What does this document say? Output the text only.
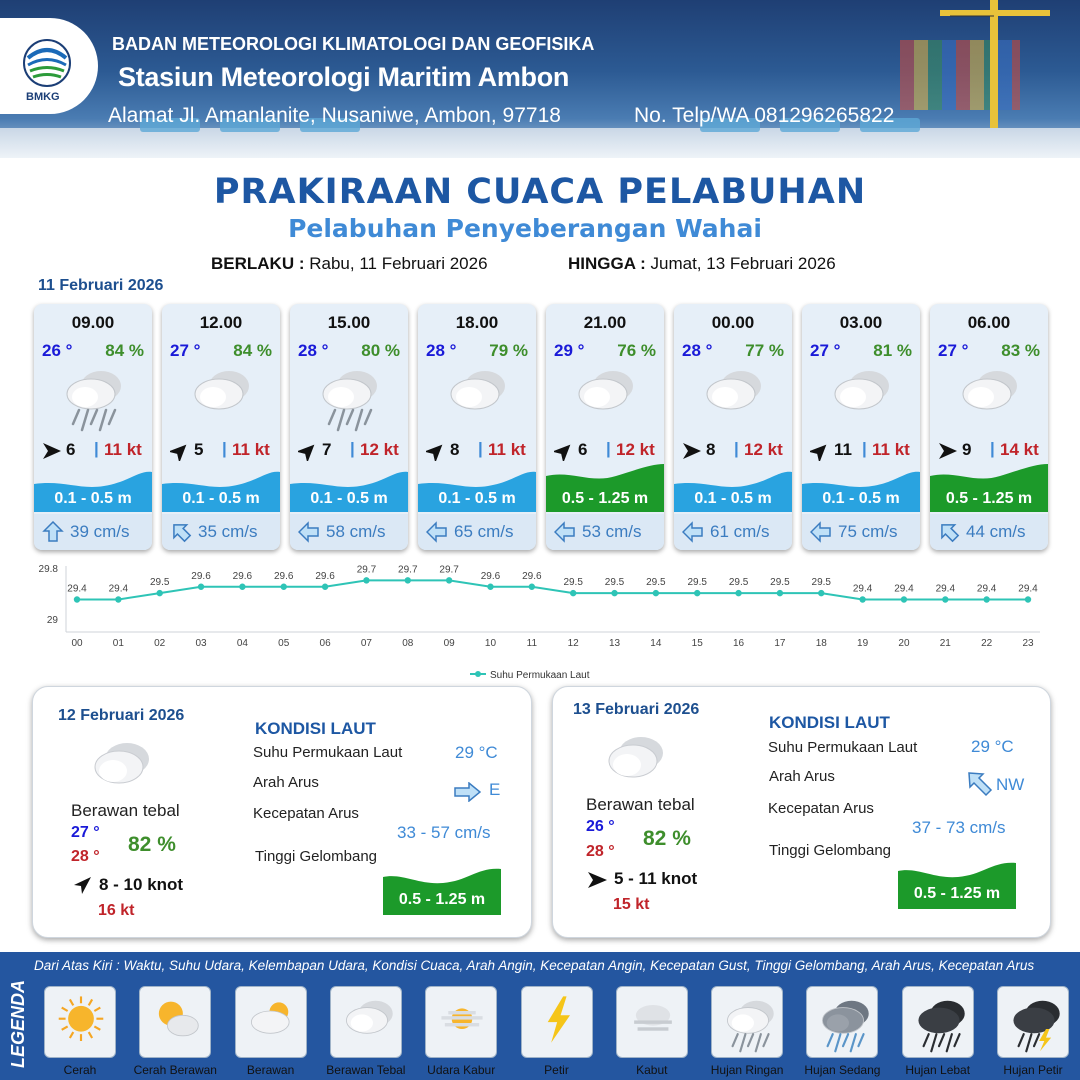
BMKG
BADAN METEOROLOGI KLIMATOLOGI DAN GEOFISIKA
Stasiun Meteorologi Maritim Ambon
Alamat Jl. Amanlanite, Nusaniwe, Ambon, 97718	No. Telp/WA 081296265822
PRAKIRAAN CUACA PELABUHAN
Pelabuhan Penyeberangan Wahai
BERLAKU : Rabu, 11 Februari 2026	HINGGA : Jumat, 13 Februari 2026
11 Februari 2026
09.00
26 ° 84 %
6 | 11 kt
0.1 - 0.5 m
39 cm/s
12.00
27 ° 84 %
5 | 11 kt
0.1 - 0.5 m
35 cm/s
15.00
28 ° 80 %
7 | 12 kt
0.1 - 0.5 m
58 cm/s
18.00
28 ° 79 %
8 | 11 kt
0.1 - 0.5 m
65 cm/s
21.00
29 ° 76 %
6 | 12 kt
0.5 - 1.25 m
53 cm/s
00.00
28 ° 77 %
8 | 12 kt
0.1 - 0.5 m
61 cm/s
03.00
27 ° 81 %
11 | 11 kt
0.1 - 0.5 m
75 cm/s
06.00
27 ° 83 %
9 | 14 kt
0.5 - 1.25 m
44 cm/s
29.8
29
29.4
00
29.4
01
29.5
02
29.6
03
29.6
04
29.6
05
29.6
06
29.7
07
29.7
08
29.7
09
29.6
10
29.6
11
29.5
12
29.5
13
29.5
14
29.5
15
29.5
16
29.5
17
29.5
18
29.4
19
29.4
20
29.4
21
29.4
22
29.4
23
Suhu Permukaan Laut
12 Februari 2026
Berawan tebal
27 °
28 °
82 %
8 - 10 knot
16 kt
KONDISI LAUT
Suhu Permukaan Laut	29 °C
Arah Arus	E
Kecepatan Arus
33 - 57 cm/s
Tinggi Gelombang
0.5 - 1.25 m
13 Februari 2026
Berawan tebal
26 °
28 °
82 %
5 - 11 knot
15 kt
KONDISI LAUT
Suhu Permukaan Laut	29 °C
Arah Arus	NW
Kecepatan Arus
37 - 73 cm/s
Tinggi Gelombang
0.5 - 1.25 m
LEGENDA
Dari Atas Kiri : Waktu, Suhu Udara, Kelembapan Udara, Kondisi Cuaca, Arah Angin, Kecepatan Angin, Kecepatan Gust, Tinggi Gelombang, Arah Arus, Kecepatan Arus
Cerah	Cerah Berawan	Berawan	Berawan Tebal	Udara Kabur	Petir	Kabut	Hujan Ringan	Hujan Sedang	Hujan Lebat	Hujan Petir
